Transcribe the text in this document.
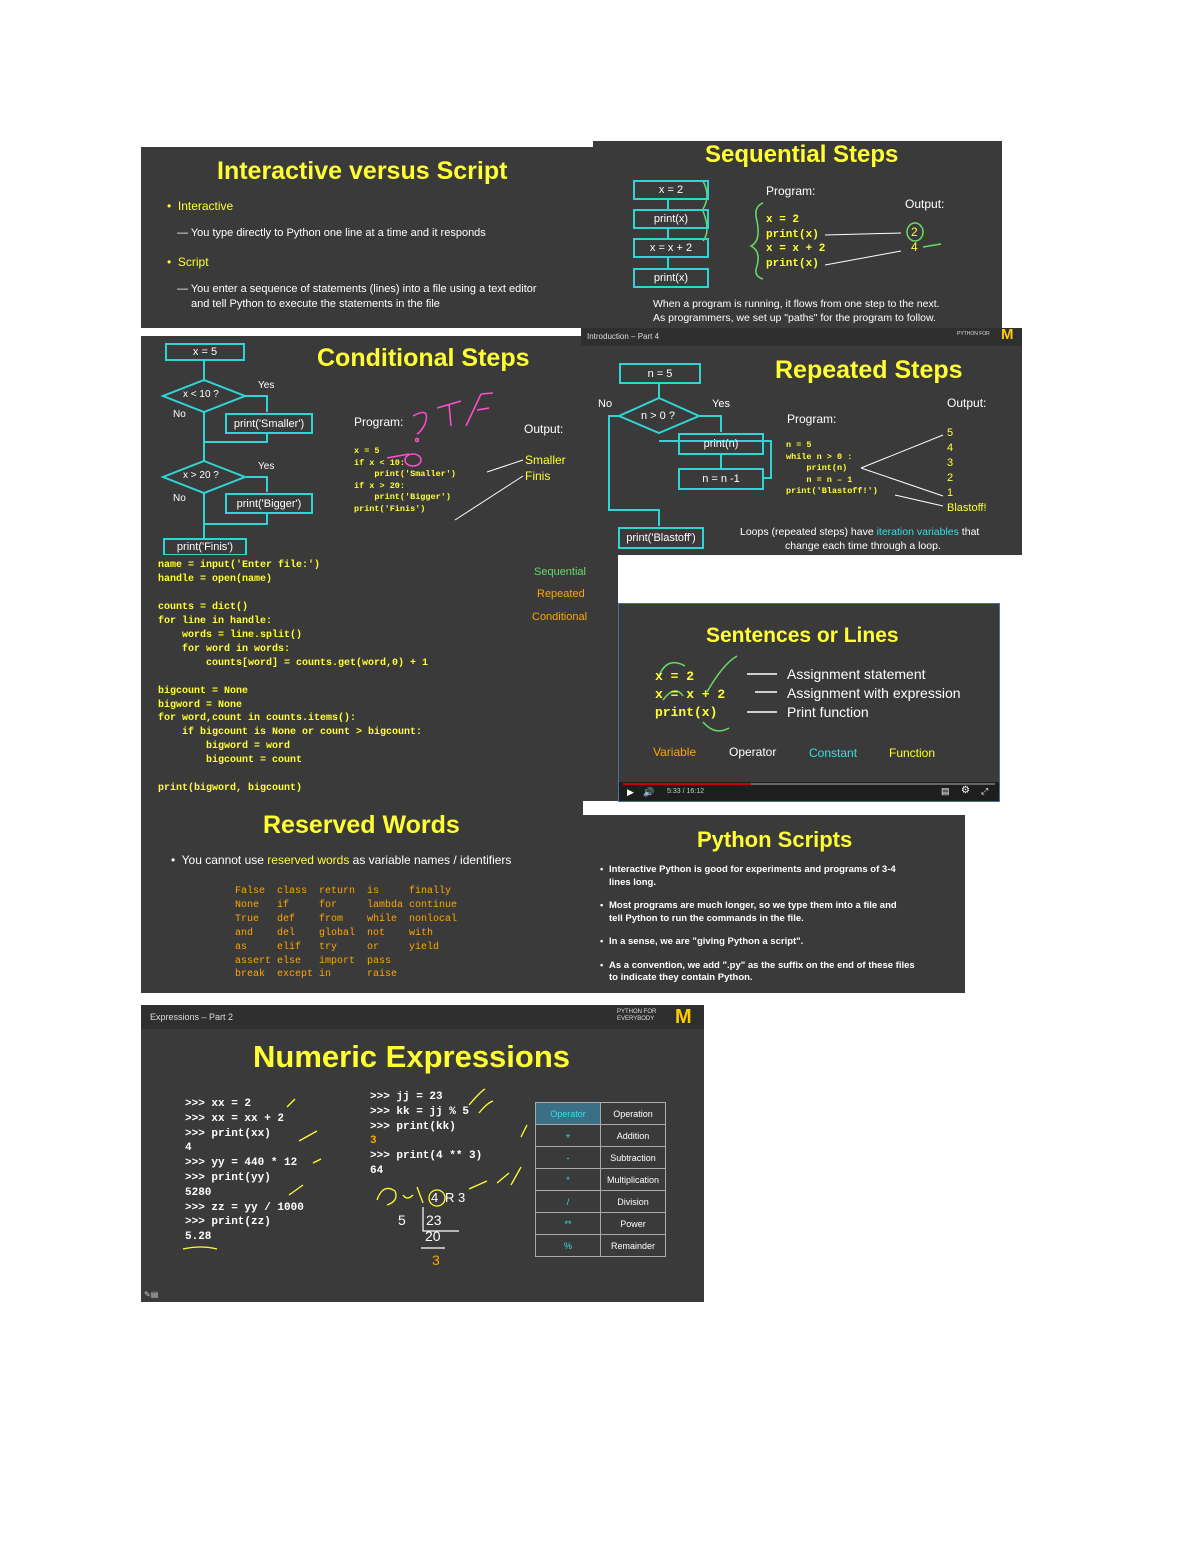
Interactive versus Script
•  Interactive
— You type directly to Python one line at a time and it responds
•  Script
— You enter a sequence of statements (lines) into a file using a text editor
and tell Python to execute the statements in the file
Sequential Steps
x = 2
print(x)
x = x + 2
print(x)
Program:
Output:
x = 2
print(x)
x = x + 2
print(x)
2
4
When a program is running, it flows from one step to the next.
As programmers, we set up "paths" for the program to follow.
Conditional Steps
x = 5
x < 10 ?
x > 20 ?
Yes
No
Yes
No
print('Smaller')
print('Bigger')
print('Finis')
Program:	Output:
x = 5
if x < 10:
print('Smaller')
if x > 20:
print('Bigger')
print('Finis')
Smaller
Finis
Introduction – Part 4	PYTHON FOR M
Repeated Steps
n = 5
n > 0 ?
Yes
No
print(n)
n = n -1
print('Blastoff')
Program:
Output:
n = 5
while n > 0 :
print(n)
n = n – 1
print('Blastoff!')
5
4
3
2
1
Blastoff!
Loops (repeated steps) have iteration variables that
change each time through a loop.
name = input('Enter file:')
handle = open(name)

counts = dict()
for line in handle:
words = line.split()
for word in words:
counts[word] = counts.get(word,0) + 1

bigcount = None
bigword = None
for word,count in counts.items():
if bigcount is None or count > bigcount:
bigword = word
bigcount = count

print(bigword, bigcount)
Sequential
Repeated
Conditional
Sentences or Lines
x = 2
x = x + 2
print(x)
Assignment statement
Assignment with expression
Print function
Variable	Operator	Constant	Function
▶ 🔊 5:33 / 16:12	▤ ⚙ ⤢
Reserved Words
•  You cannot use reserved words as variable names / identifiers
False  class  return  is     finally
None   if     for     lambda continue
True   def    from    while  nonlocal
and    del    global  not    with
as     elif   try     or     yield
assert else   import  pass
break  except in      raise
Python Scripts
• Interactive Python is good for experiments and programs of 3-4
lines long.
• Most programs are much longer, so we type them into a file and
tell Python to run the commands in the file.
• In a sense, we are "giving Python a script".
• As a convention, we add ".py" as the suffix on the end of these files
to indicate they contain Python.
Expressions – Part 2	PYTHON FOR EVERYBODY	M
Numeric Expressions
>>> xx = 2
>>> xx = xx + 2
>>> print(xx)
4
>>> yy = 440 * 12
>>> print(yy)
5280
>>> zz = yy / 1000
>>> print(zz)
5.28
>>> jj = 23
>>> kk = jj % 5
>>> print(kk)
3
>>> print(4 ** 3)
64
4 R 3
5 23
20
3
Operator	Operation
+	Addition
-	Subtraction
*	Multiplication
/	Division
**	Power
%	Remainder
✎▤
